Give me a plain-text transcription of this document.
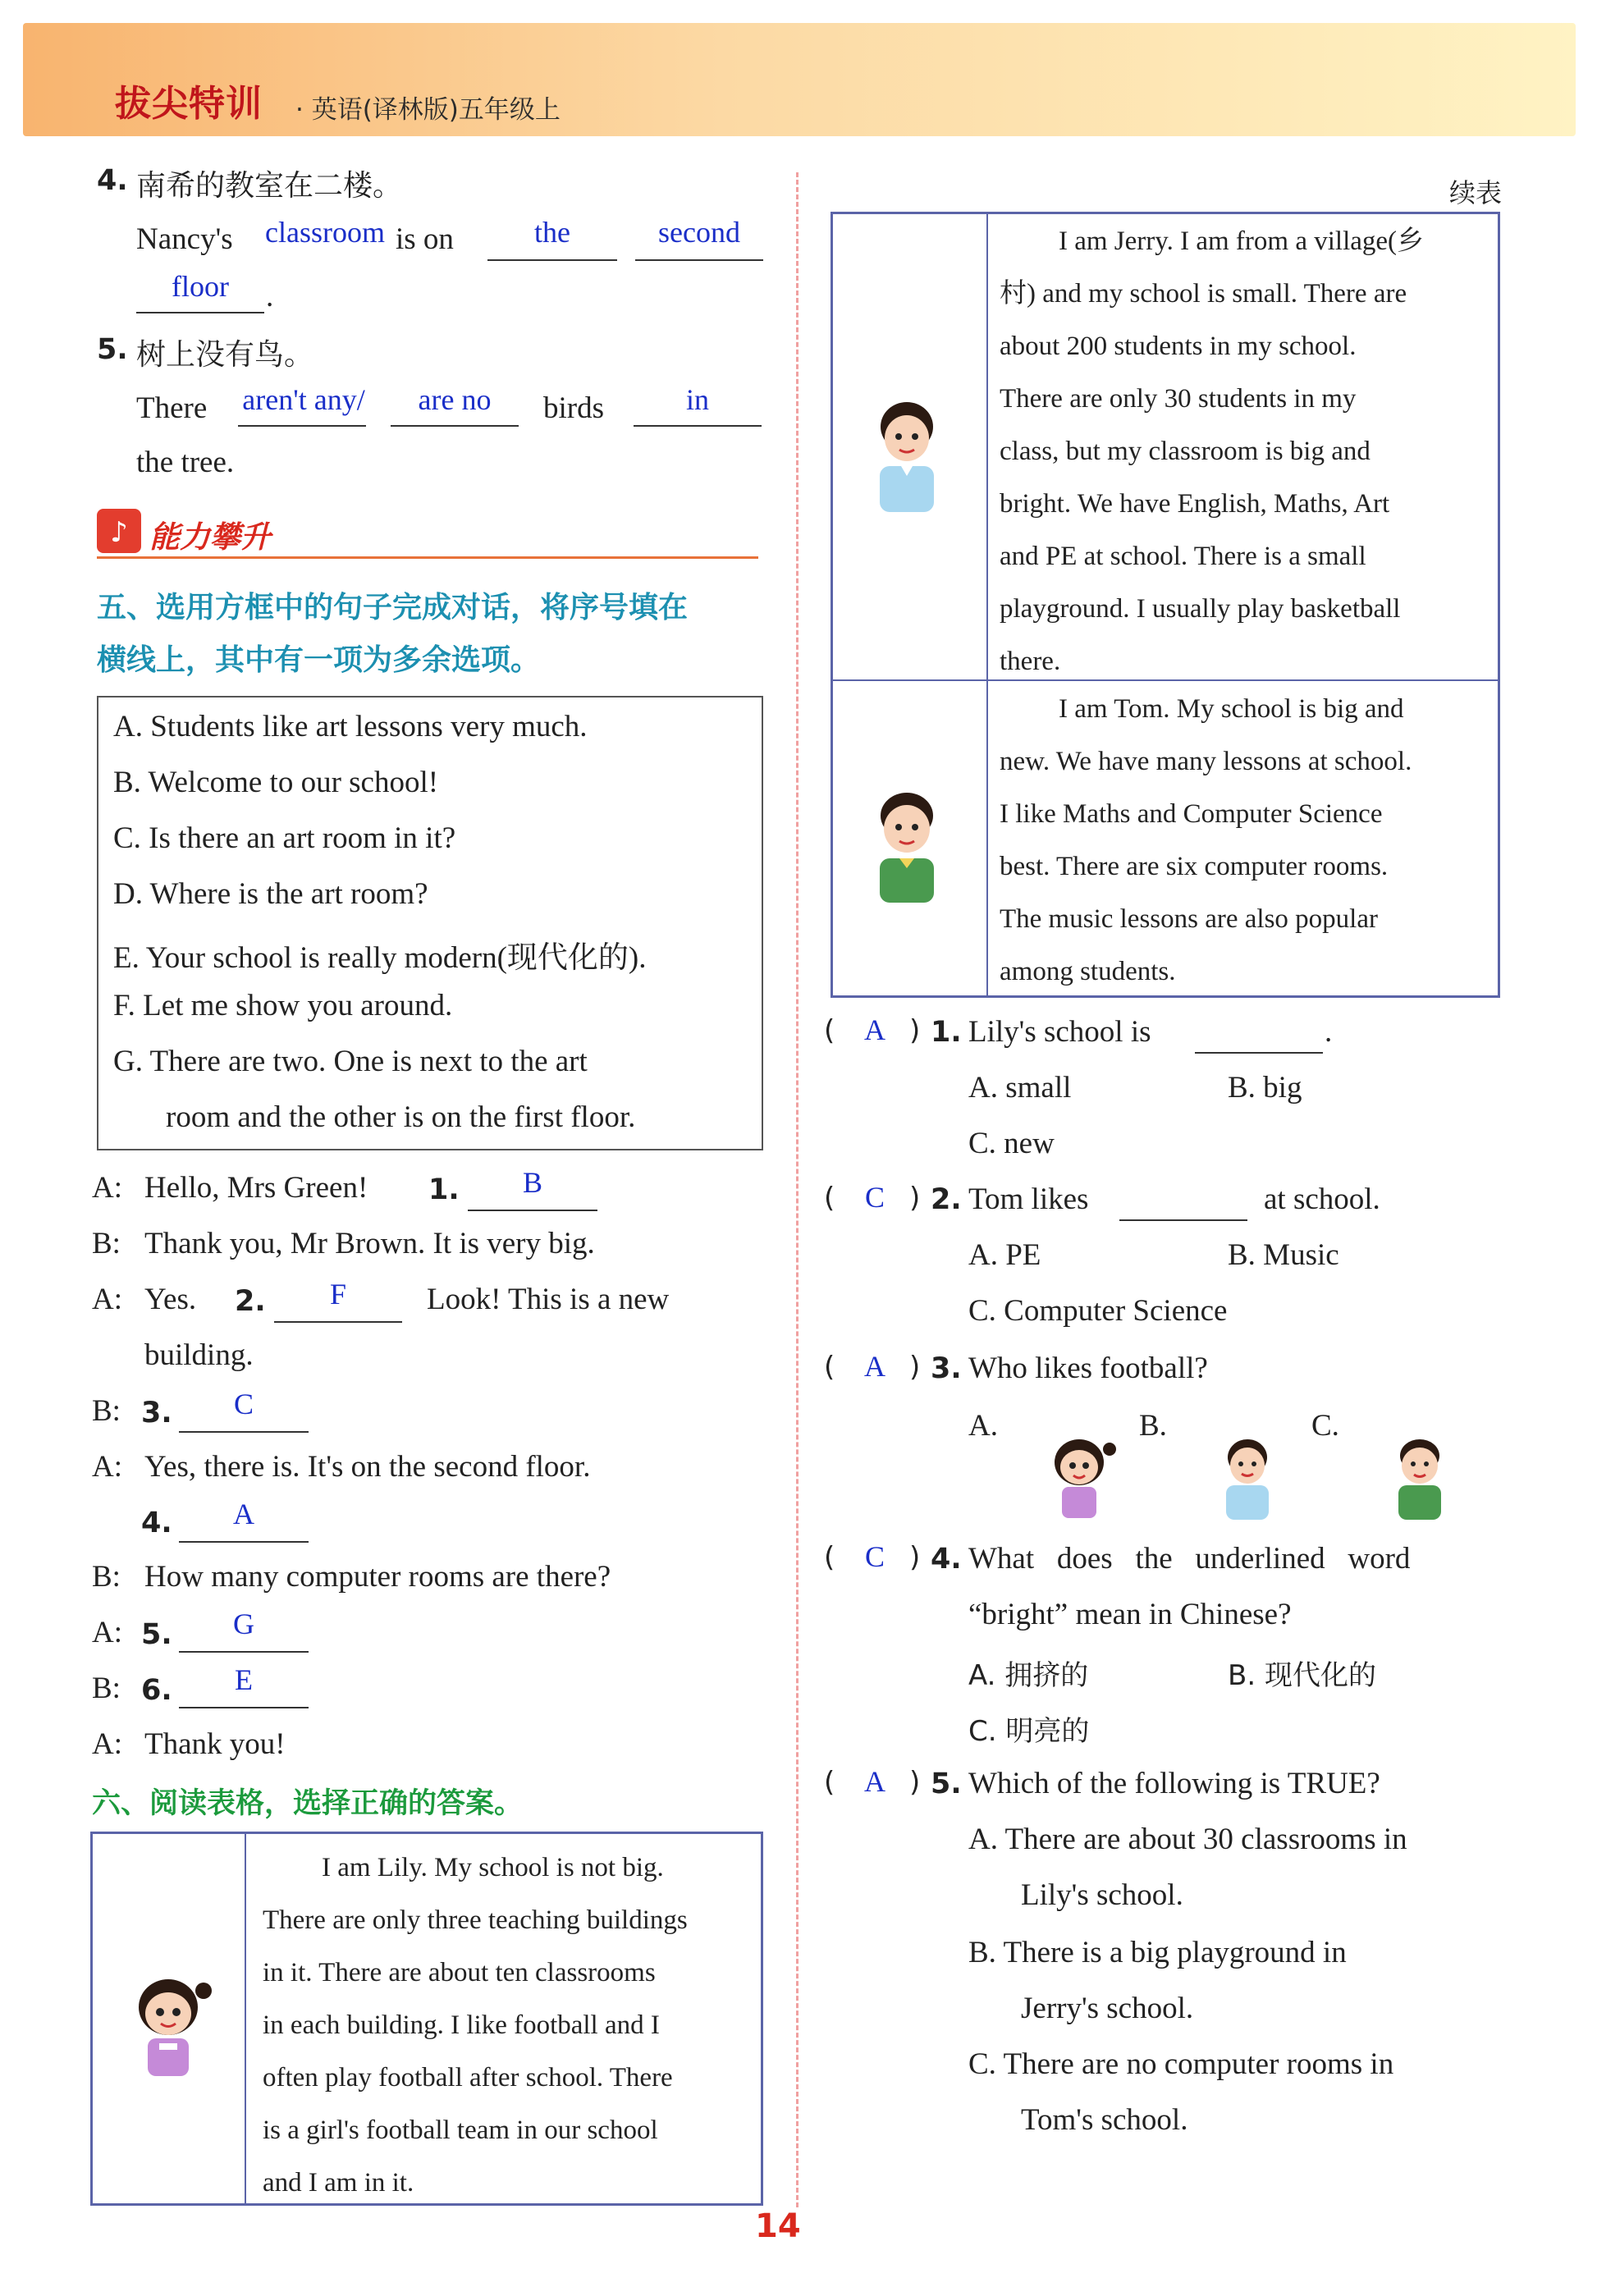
拔尖特训 · 英语(译林版)五年级上
4. 南希的教室在二楼。
Nancy's	classroom is on	the	second
floor	.
5. 树上没有鸟。
There	aren't any/	are no	birds	in
the tree.
♪ 能力攀升
五、选用方框中的句子完成对话，将序号填在
横线上，其中有一项为多余选项。
A. Students like art lessons very much.
B. Welcome to our school!
C. Is there an art room in it?
D. Where is the art room?
E. Your school is really modern(现代化的).
F. Let me show you around.
G. There are two. One is next to the art
room and the other is on the first floor.
A: Hello, Mrs Green! 1.	B
B: Thank you, Mr Brown. It is very big.
A: Yes. 2.	F	Look! This is a new
building.
B: 3.	C
A: Yes, there is. It's on the second floor.
4.	A
B: How many computer rooms are there?
A: 5.	G
B: 6.	E
A: Thank you!
六、阅读表格，选择正确的答案。
I am Lily. My school is not big.
There are only three teaching buildings
in it. There are about ten classrooms
in each building. I like football and I
often play football after school. There
is a girl's football team in our school
and I am in it.
续表
I am Jerry. I am from a village(乡
村) and my school is small. There are
about 200 students in my school.
There are only 30 students in my
class, but my classroom is big and
bright. We have English, Maths, Art
and PE at school. There is a small
playground. I usually play basketball
there.
I am Tom. My school is big and
new. We have many lessons at school.
I like Maths and Computer Science
best. There are six computer rooms.
The music lessons are also popular
among students.
( A ) 1. Lily's school is	.
A. small	B. big
C. new
(	C ) 2. Tom likes	at school.
A. PE	B. Music
C. Computer Science
( A ) 3. Who likes football?
A.	B.	C.
(	C ) 4. What   does   the   underlined   word
“bright” mean in Chinese?
A. 拥挤的	B. 现代化的
C. 明亮的
( A ) 5. Which of the following is TRUE?
A. There are about 30 classrooms in
Lily's school.
B. There is a big playground in
Jerry's school.
C. There are no computer rooms in
Tom's school.
14
